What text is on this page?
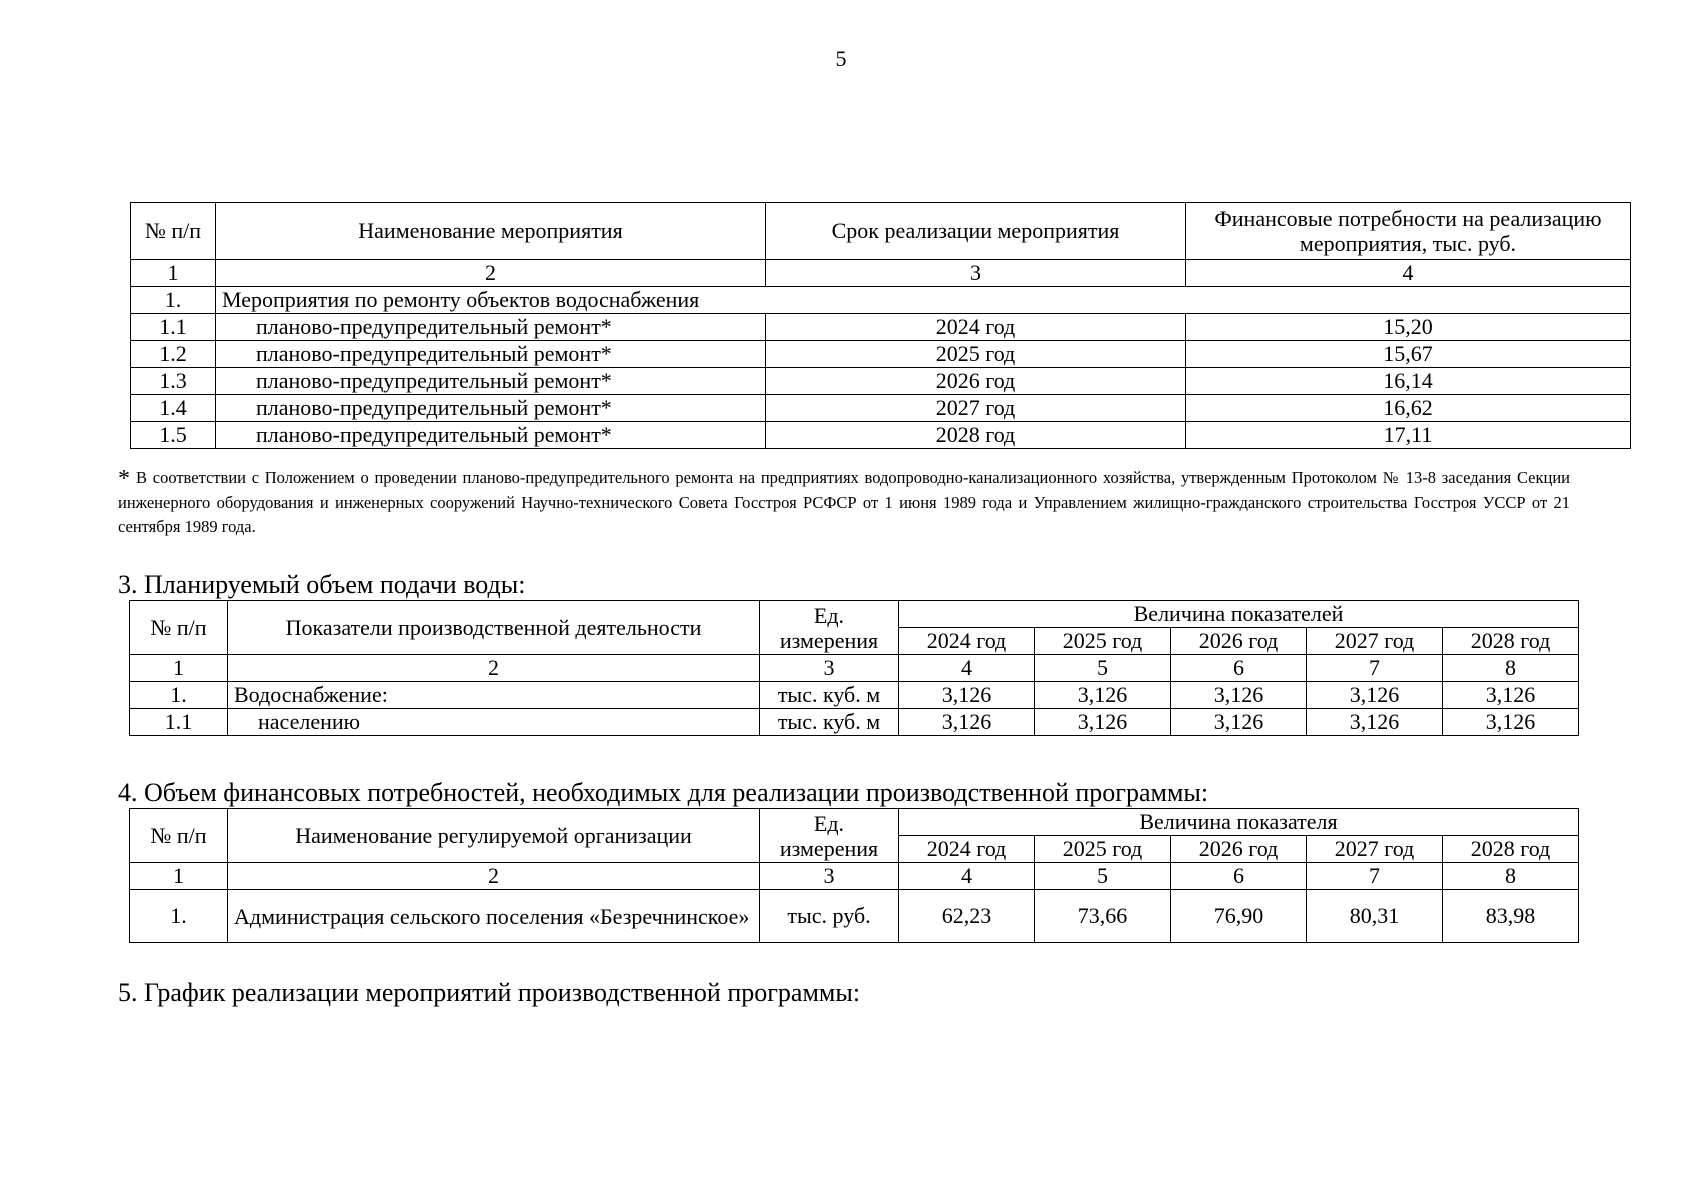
5
№ п/п	Наименование мероприятия	Срок реализации мероприятия	Финансовые потребности на реализацию мероприятия, тыс. руб.
1	2	3	4
1.	Мероприятия по ремонту объектов водоснабжения		
1.1	планово-предупредительный ремонт*	2024 год	15,20
1.2	планово-предупредительный ремонт*	2025 год	15,67
1.3	планово-предупредительный ремонт*	2026 год	16,14
1.4	планово-предупредительный ремонт*	2027 год	16,62
1.5	планово-предупредительный ремонт*	2028 год	17,11
* В соответствии с Положением о проведении планово-предупредительного ремонта на предприятиях водопроводно-канализационного хозяйства, утвержденным Протоколом № 13-8 заседания Секции инженерного оборудования и инженерных сооружений Научно-технического Совета Госстроя РСФСР от 1 июня 1989 года и Управлением жилищно-гражданского строительства Госстроя УССР от 21 сентября 1989 года.
3. Планируемый объем подачи воды:
№ п/п	Показатели производственной деятельности	Ед. измерения	Величина показателей				
			2024 год	2025 год	2026 год	2027 год	2028 год
1	2	3	4	5	6	7	8
1.	Водоснабжение:	тыс. куб. м	3,126	3,126	3,126	3,126	3,126
1.1	населению	тыс. куб. м	3,126	3,126	3,126	3,126	3,126
4. Объем финансовых потребностей, необходимых для реализации производственной программы:
№ п/п	Наименование регулируемой организации	Ед. измерения	Величина показателя				
			2024 год	2025 год	2026 год	2027 год	2028 год
1	2	3	4	5	6	7	8
1.	Администрация сельского поселения «Безречнинское»	тыс. руб.	62,23	73,66	76,90	80,31	83,98
5. График реализации мероприятий производственной программы:
